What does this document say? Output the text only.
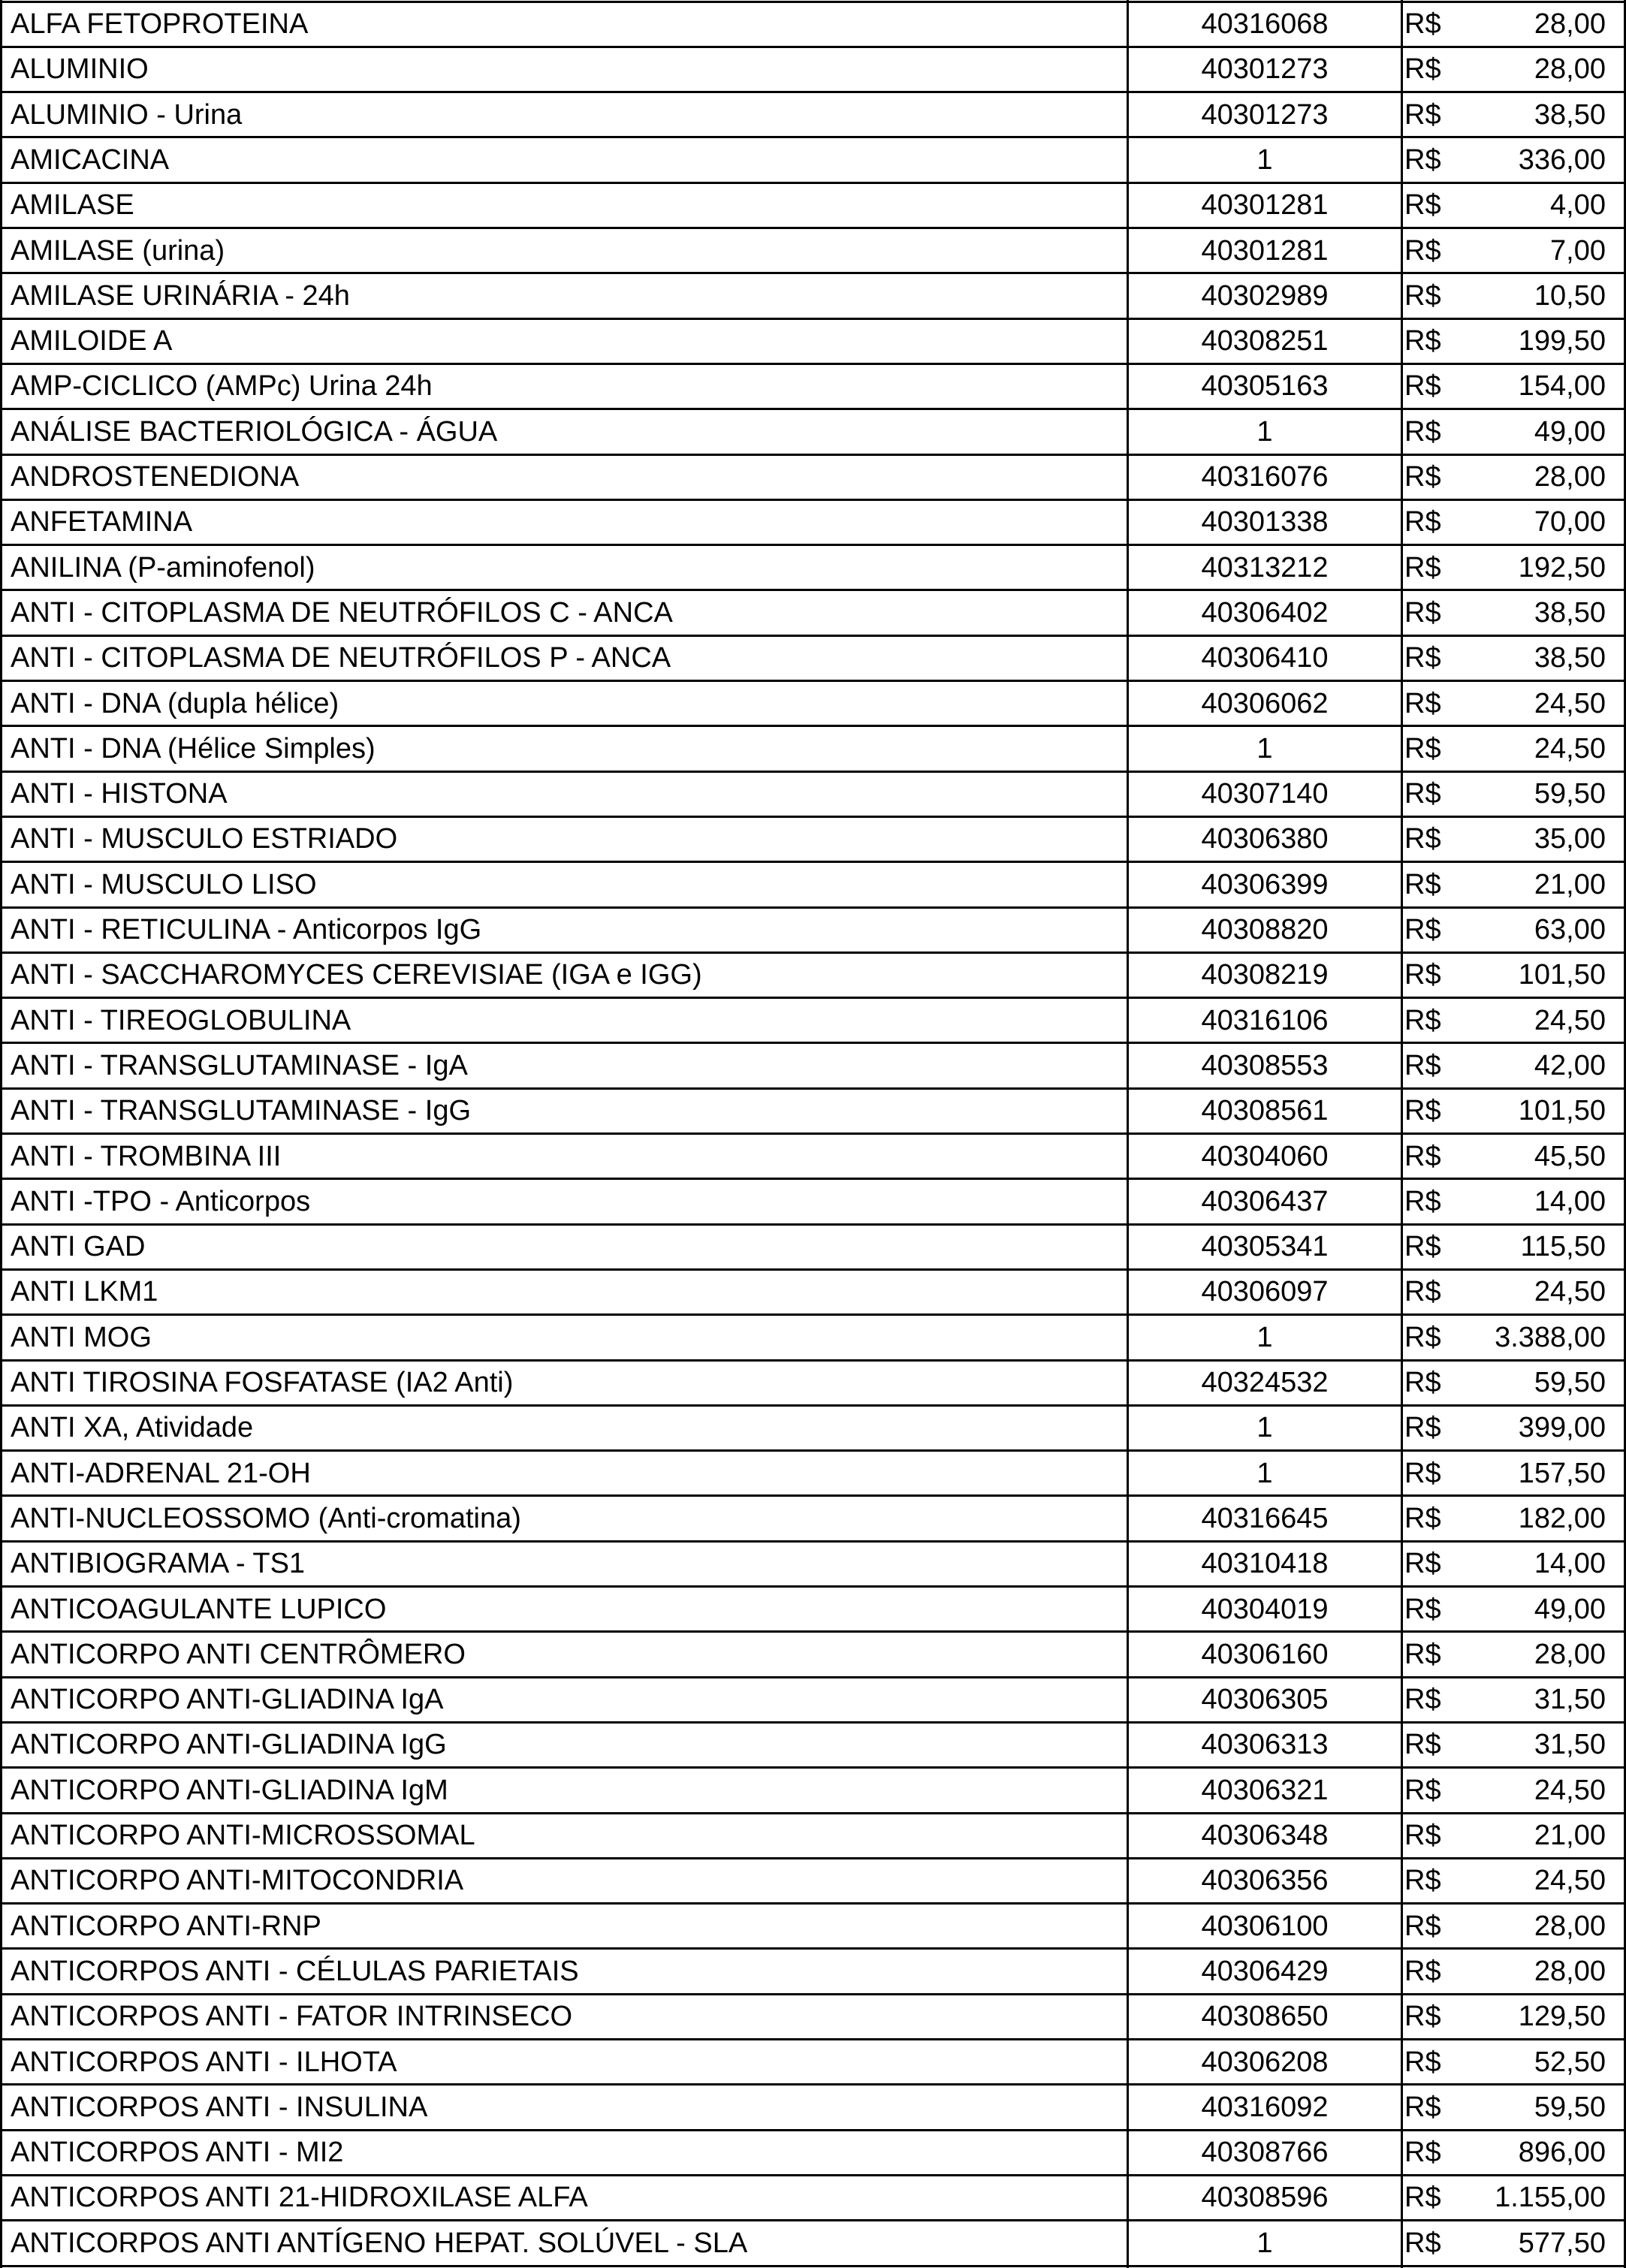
ALFA FETOPROTEINA	40316068	R$	28,00
ALUMINIO	40301273	R$	28,00
ALUMINIO - Urina	40301273	R$	38,50
AMICACINA	1	R$	336,00
AMILASE	40301281	R$	4,00
AMILASE (urina)	40301281	R$	7,00
AMILASE URINÁRIA - 24h	40302989	R$	10,50
AMILOIDE A	40308251	R$	199,50
AMP-CICLICO (AMPc) Urina 24h	40305163	R$	154,00
ANÁLISE BACTERIOLÓGICA - ÁGUA	1	R$	49,00
ANDROSTENEDIONA	40316076	R$	28,00
ANFETAMINA	40301338	R$	70,00
ANILINA (P-aminofenol)	40313212	R$	192,50
ANTI - CITOPLASMA DE NEUTRÓFILOS C - ANCA	40306402	R$	38,50
ANTI - CITOPLASMA DE NEUTRÓFILOS P - ANCA	40306410	R$	38,50
ANTI - DNA (dupla hélice)	40306062	R$	24,50
ANTI - DNA (Hélice Simples)	1	R$	24,50
ANTI - HISTONA	40307140	R$	59,50
ANTI - MUSCULO ESTRIADO	40306380	R$	35,00
ANTI - MUSCULO LISO	40306399	R$	21,00
ANTI - RETICULINA - Anticorpos IgG	40308820	R$	63,00
ANTI - SACCHAROMYCES CEREVISIAE (IGA e IGG)	40308219	R$	101,50
ANTI - TIREOGLOBULINA	40316106	R$	24,50
ANTI - TRANSGLUTAMINASE - IgA	40308553	R$	42,00
ANTI - TRANSGLUTAMINASE - IgG	40308561	R$	101,50
ANTI - TROMBINA III	40304060	R$	45,50
ANTI -TPO - Anticorpos	40306437	R$	14,00
ANTI GAD	40305341	R$	115,50
ANTI LKM1	40306097	R$	24,50
ANTI MOG	1	R$	3.388,00
ANTI TIROSINA FOSFATASE (IA2 Anti)	40324532	R$	59,50
ANTI XA, Atividade	1	R$	399,00
ANTI-ADRENAL 21-OH	1	R$	157,50
ANTI-NUCLEOSSOMO (Anti-cromatina)	40316645	R$	182,00
ANTIBIOGRAMA - TS1	40310418	R$	14,00
ANTICOAGULANTE LUPICO	40304019	R$	49,00
ANTICORPO ANTI CENTRÔMERO	40306160	R$	28,00
ANTICORPO ANTI-GLIADINA IgA	40306305	R$	31,50
ANTICORPO ANTI-GLIADINA IgG	40306313	R$	31,50
ANTICORPO ANTI-GLIADINA IgM	40306321	R$	24,50
ANTICORPO ANTI-MICROSSOMAL	40306348	R$	21,00
ANTICORPO ANTI-MITOCONDRIA	40306356	R$	24,50
ANTICORPO ANTI-RNP	40306100	R$	28,00
ANTICORPOS ANTI - CÉLULAS PARIETAIS	40306429	R$	28,00
ANTICORPOS ANTI - FATOR INTRINSECO	40308650	R$	129,50
ANTICORPOS ANTI - ILHOTA	40306208	R$	52,50
ANTICORPOS ANTI - INSULINA	40316092	R$	59,50
ANTICORPOS ANTI - MI2	40308766	R$	896,00
ANTICORPOS ANTI 21-HIDROXILASE ALFA	40308596	R$	1.155,00
ANTICORPOS ANTI ANTÍGENO HEPAT. SOLÚVEL - SLA	1	R$	577,50
